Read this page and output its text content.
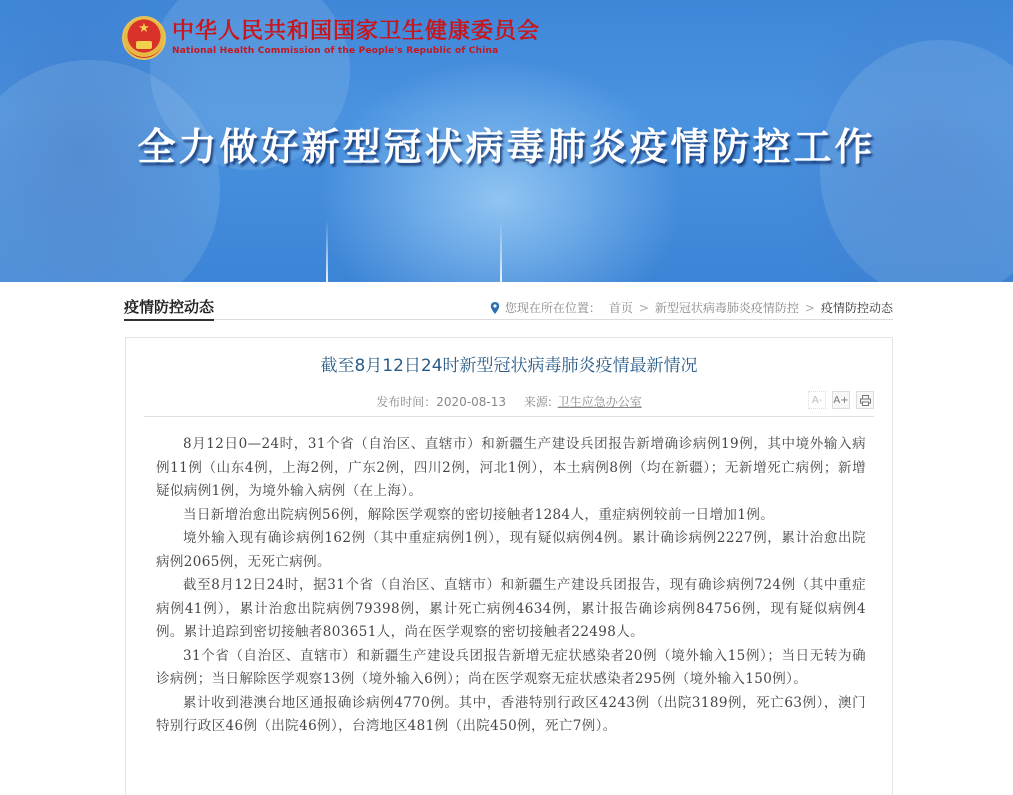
★
中华人民共和国国家卫生健康委员会
National Health Commission of the People's Republic of China
全力做好新型冠状病毒肺炎疫情防控工作
疫情防控动态	您现在所在位置： 首页 > 新型冠状病毒肺炎疫情防控 > 疫情防控动态
截至8月12日24时新型冠状病毒肺炎疫情最新情况
发布时间：2020-08-13 来源: 卫生应急办公室	A- A+

8月12日0—24时，31个省（自治区、直辖市）和新疆生产建设兵团报告新增确诊病例19例，其中境外输入病例11例（山东4例，上海2例，广东2例，四川2例，河北1例），本土病例8例（均在新疆）；无新增死亡病例；新增疑似病例1例，为境外输入病例（在上海）。

当日新增治愈出院病例56例，解除医学观察的密切接触者1284人，重症病例较前一日增加1例。

境外输入现有确诊病例162例（其中重症病例1例），现有疑似病例4例。累计确诊病例2227例，累计治愈出院病例2065例，无死亡病例。

截至8月12日24时，据31个省（自治区、直辖市）和新疆生产建设兵团报告，现有确诊病例724例（其中重症病例41例），累计治愈出院病例79398例，累计死亡病例4634例，累计报告确诊病例84756例，现有疑似病例4例。累计追踪到密切接触者803651人，尚在医学观察的密切接触者22498人。

31个省（自治区、直辖市）和新疆生产建设兵团报告新增无症状感染者20例（境外输入15例）；当日无转为确诊病例；当日解除医学观察13例（境外输入6例）；尚在医学观察无症状感染者295例（境外输入150例）。

累计收到港澳台地区通报确诊病例4770例。其中，香港特别行政区4243例（出院3189例，死亡63例），澳门特别行政区46例（出院46例），台湾地区481例（出院450例，死亡7例）。
